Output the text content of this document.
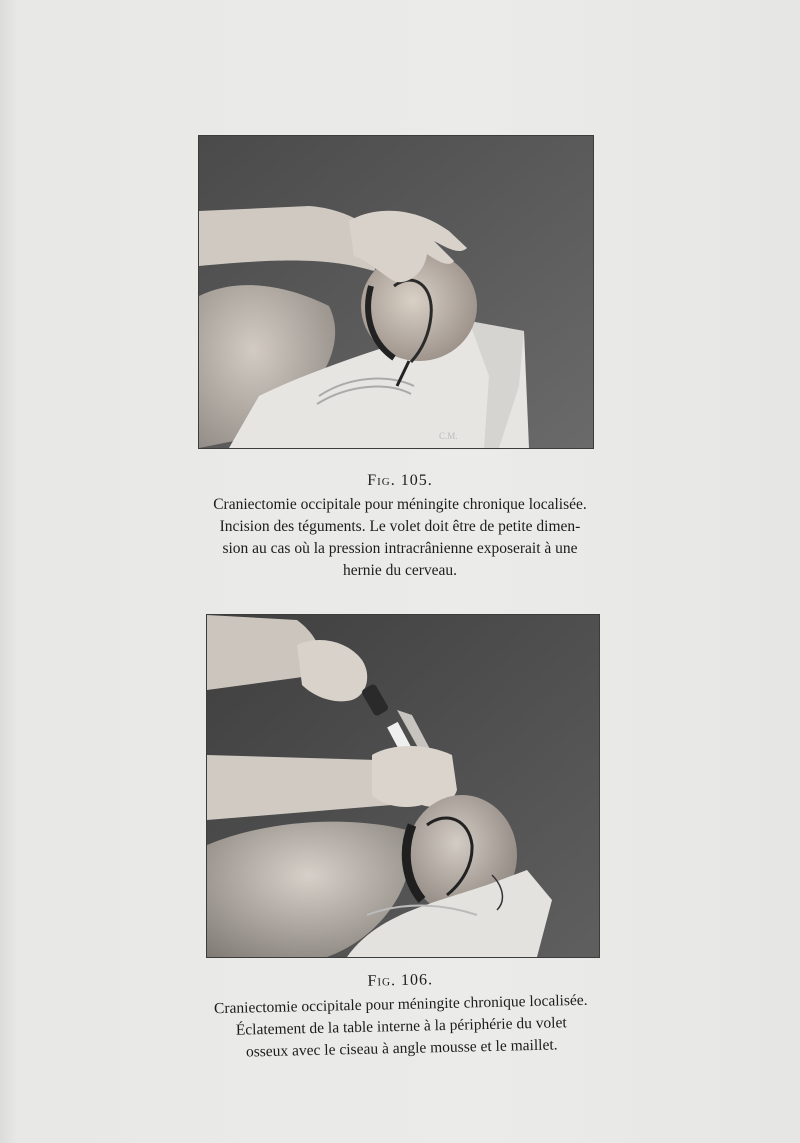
C.M.
Fig. 105.
Craniectomie occipitale pour méningite chronique localisée.
Incision des téguments. Le volet doit être de petite dimen-
sion au cas où la pression intracrânienne exposerait à une
hernie du cerveau.
Fig. 106.
Craniectomie occipitale pour méningite chronique localisée.
Éclatement de la table interne à la périphérie du volet
osseux avec le ciseau à angle mousse et le maillet.
